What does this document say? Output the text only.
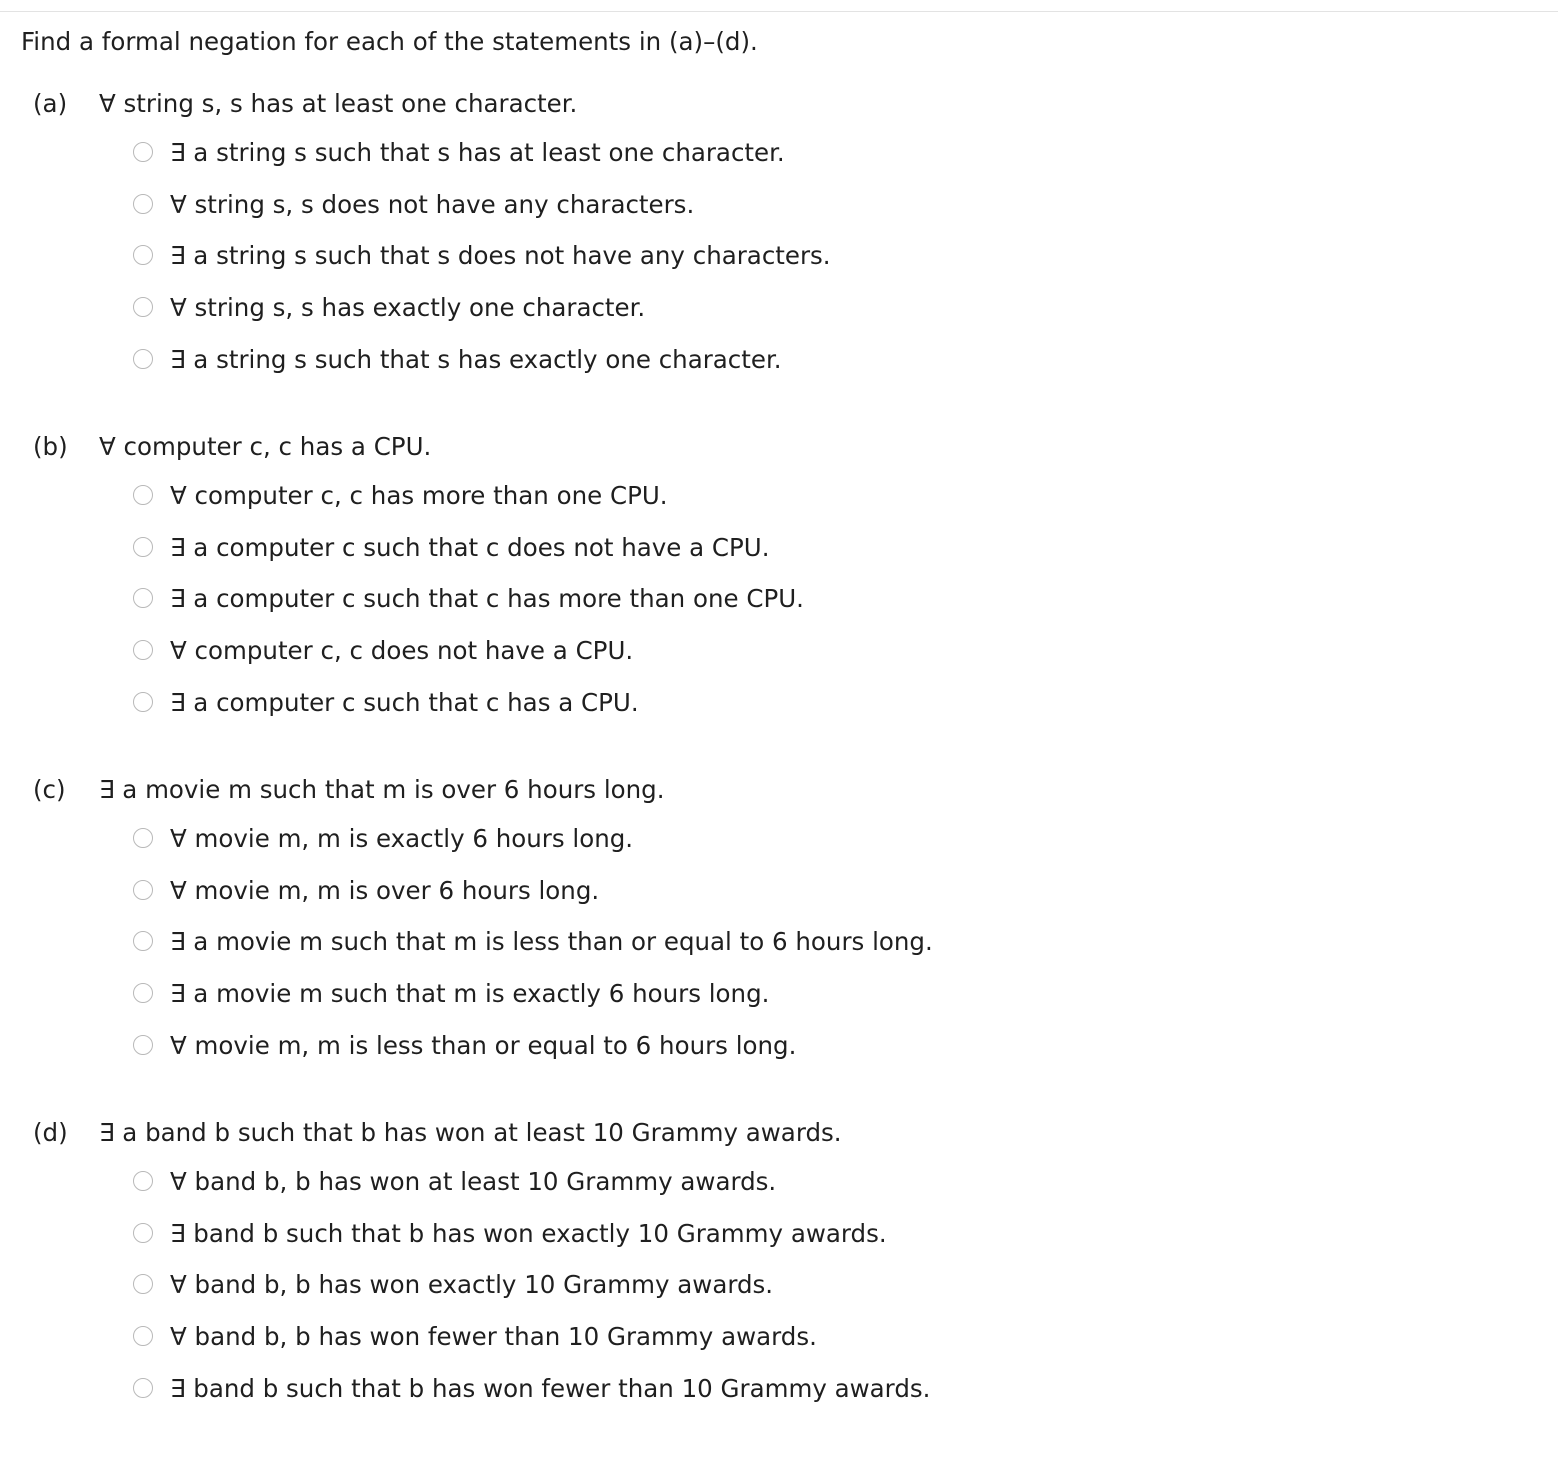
Find a formal negation for each of the statements in (a)–(d).
(a) ∀ string s, s has at least one character.
∃ a string s such that s has at least one character.
∀ string s, s does not have any characters.
∃ a string s such that s does not have any characters.
∀ string s, s has exactly one character.
∃ a string s such that s has exactly one character.
(b) ∀ computer c, c has a CPU.
∀ computer c, c has more than one CPU.
∃ a computer c such that c does not have a CPU.
∃ a computer c such that c has more than one CPU.
∀ computer c, c does not have a CPU.
∃ a computer c such that c has a CPU.
(c) ∃ a movie m such that m is over 6 hours long.
∀ movie m, m is exactly 6 hours long.
∀ movie m, m is over 6 hours long.
∃ a movie m such that m is less than or equal to 6 hours long.
∃ a movie m such that m is exactly 6 hours long.
∀ movie m, m is less than or equal to 6 hours long.
(d) ∃ a band b such that b has won at least 10 Grammy awards.
∀ band b, b has won at least 10 Grammy awards.
∃ band b such that b has won exactly 10 Grammy awards.
∀ band b, b has won exactly 10 Grammy awards.
∀ band b, b has won fewer than 10 Grammy awards.
∃ band b such that b has won fewer than 10 Grammy awards.
